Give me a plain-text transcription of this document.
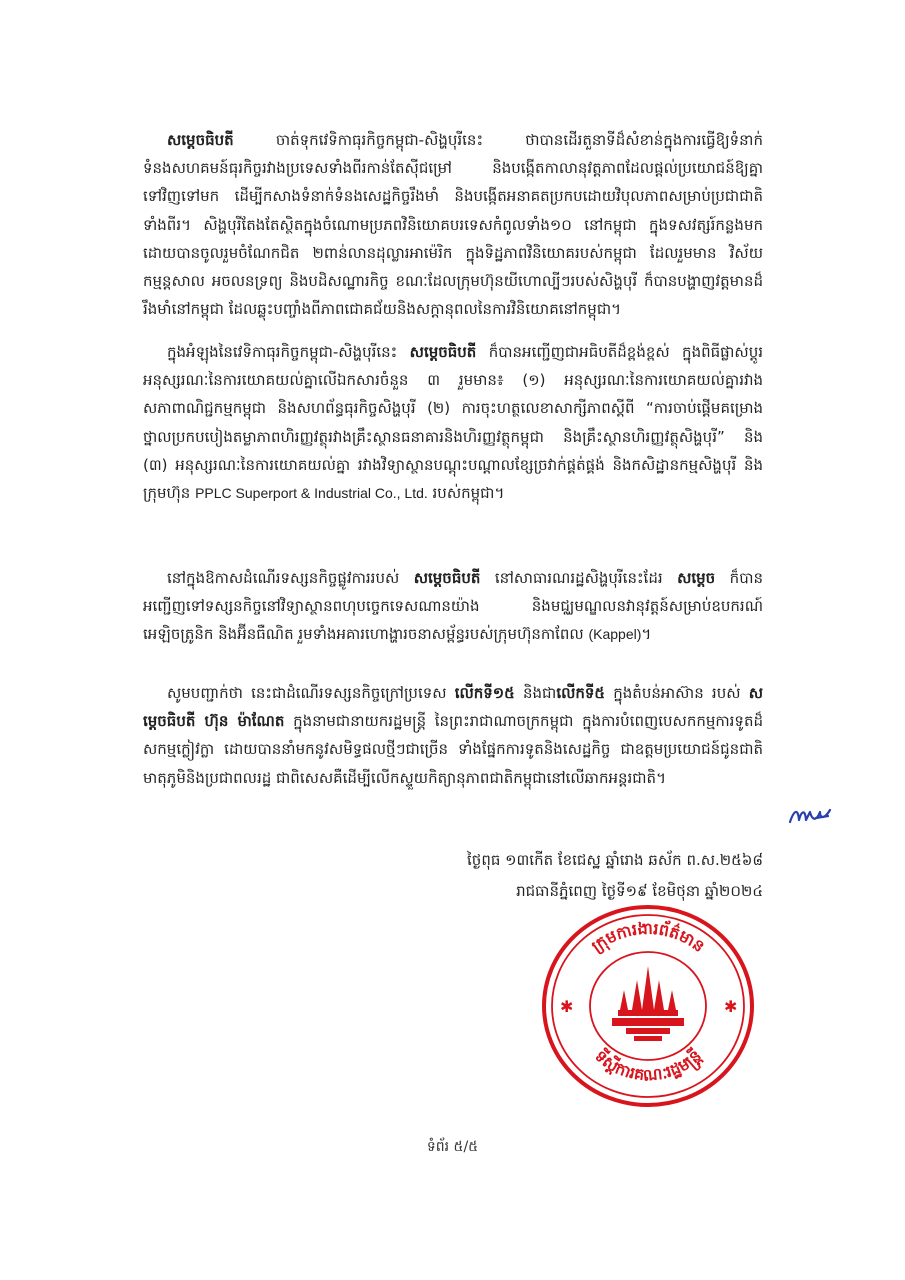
សម្តេចធិបតី ចាត់ទុកវេទិកាធុរកិច្ចកម្ពុជា-សិង្ហបុរីនេះ ថាបានដើរតួនាទីដ៏សំខាន់ក្នុងការធ្វើឱ្យទំនាក់ទំនងសហគមន៍ធុរកិច្ចរវាងប្រទេសទាំងពីរកាន់តែស៊ីជម្រៅ និងបង្កើតកាលានុវត្តភាពដែលផ្តល់ប្រយោជន៍ឱ្យគ្នាទៅវិញទៅមក ដើម្បីកសាងទំនាក់ទំនងសេដ្ឋកិច្ចរឹងមាំ និងបង្កើតអនាគតប្រកបដោយវិបុលភាពសម្រាប់ប្រជាជាតិទាំងពីរ។ សិង្ហបុរីតែងតែស្ថិតក្នុងចំណោមប្រភពវិនិយោគបរទេសកំពូលទាំង១០ នៅកម្ពុជា ក្នុងទសវត្សរ៍កន្លងមក ដោយបានចូលរួមចំណែកជិត ២ពាន់លានដុល្លារអាម៉េរិក ក្នុងទិដ្ឋភាពវិនិយោគរបស់កម្ពុជា ដែលរួមមាន វិស័យកម្មន្តសាល អចលនទ្រព្យ និងបដិសណ្ឋារកិច្ច ខណៈដែលក្រុមហ៊ុនយីហោល្បីៗរបស់សិង្ហបុរី ក៏បានបង្ហាញវត្តមានដ៏រឹងមាំនៅកម្ពុជា ដែលឆ្លុះបញ្ចាំងពីភាពជោគជ័យនិងសក្តានុពលនៃការវិនិយោគនៅកម្ពុជា។

ក្នុងអំឡុងនៃវេទិកាធុរកិច្ចកម្ពុជា-សិង្ហបុរីនេះ សម្តេចធិបតី ក៏បានអញ្ជើញជាអធិបតីដ៏ខ្ពង់ខ្ពស់ ក្នុងពិធីផ្លាស់ប្តូរអនុស្សរណៈនៃការយោគយល់គ្នាលើឯកសារចំនួន ៣ រួមមាន៖ (១) អនុស្សរណៈនៃការយោគយល់គ្នារវាងសភាពាណិជ្ជកម្មកម្ពុជា និងសហព័ន្ធធុរកិច្ចសិង្ហបុរី (២) ការចុះហត្ថលេខាសាក្សីភាពស្តីពី “ការចាប់ផ្តើមគម្រោងថ្នាលប្រកបបៀងតម្លាភាពហិរញ្ញវត្ថុរវាងគ្រឹះស្ថានធនាគារនិងហិរញ្ញវត្ថុកម្ពុជា និងគ្រឹះស្ថានហិរញ្ញវត្ថុសិង្ហបុរី” និង (៣) អនុស្សរណៈនៃការយោគយល់គ្នា រវាងវិទ្យាស្ថានបណ្តុះបណ្តាលខ្សែច្រវាក់ផ្គត់ផ្គង់ និងកសិដ្ឋានកម្មសិង្ហបុរី និងក្រុមហ៊ុន PPLC Superport & Industrial Co., Ltd. របស់កម្ពុជា។

នៅក្នុងឱកាសដំណើរទស្សនកិច្ចផ្លូវការរបស់ សម្តេចធិបតី នៅសាធារណរដ្ឋសិង្ហបុរីនេះដែរ សម្តេច ក៏បានអញ្ជើញទៅទស្សនកិច្ចនៅវិទ្យាស្ថានពហុបច្ចេកទេសណានយ៉ាង និងមជ្ឈមណ្ឌលនវានុវត្តន៍សម្រាប់ឧបករណ៍អេឡិចត្រូនិក និងអ៊ីនធឺណិត រួមទាំងអគារហោង្ហារចនាសម្ព័ន្ធរបស់ក្រុមហ៊ុនកាពែល (Kappel)។

សូមបញ្ជាក់ថា នេះជាដំណើរទស្សនកិច្ចក្រៅប្រទេស លើកទី១៥ និងជាលើកទី៥ ក្នុងតំបន់អាស៊ាន របស់ សម្តេចធិបតី ហ៊ុន ម៉ាណែត ក្នុងនាមជានាយករដ្ឋមន្ត្រី នៃព្រះរាជាណាចក្រកម្ពុជា ក្នុងការបំពេញបេសកកម្មការទូតដ៏សកម្មក្លៀវក្លា ដោយបាននាំមកនូវសមិទ្ធផលថ្មីៗជាច្រើន ទាំងផ្នែកការទូតនិងសេដ្ឋកិច្ច ជាឧត្តមប្រយោជន៍ជូនជាតិមាតុភូមិនិងប្រជាពលរដ្ឋ ជាពិសេសគឺដើម្បីលើកស្ទួយកិត្យានុភាពជាតិកម្ពុជានៅលើឆាកអន្តរជាតិ។

ថ្ងៃពុធ ១៣កើត ខែជេស្ឋ ឆ្នាំរោង ឆស័ក ព.ស.២៥៦៨
រាជធានីភ្នំពេញ ថ្ងៃទី១៩ ខែមិថុនា ឆ្នាំ២០២៤
ក្រុមការងារព័ត៌មាន
ទីស្តីការគណៈរដ្ឋមន្ត្រី
✱	✱
ទំព័រ ៥/៥
